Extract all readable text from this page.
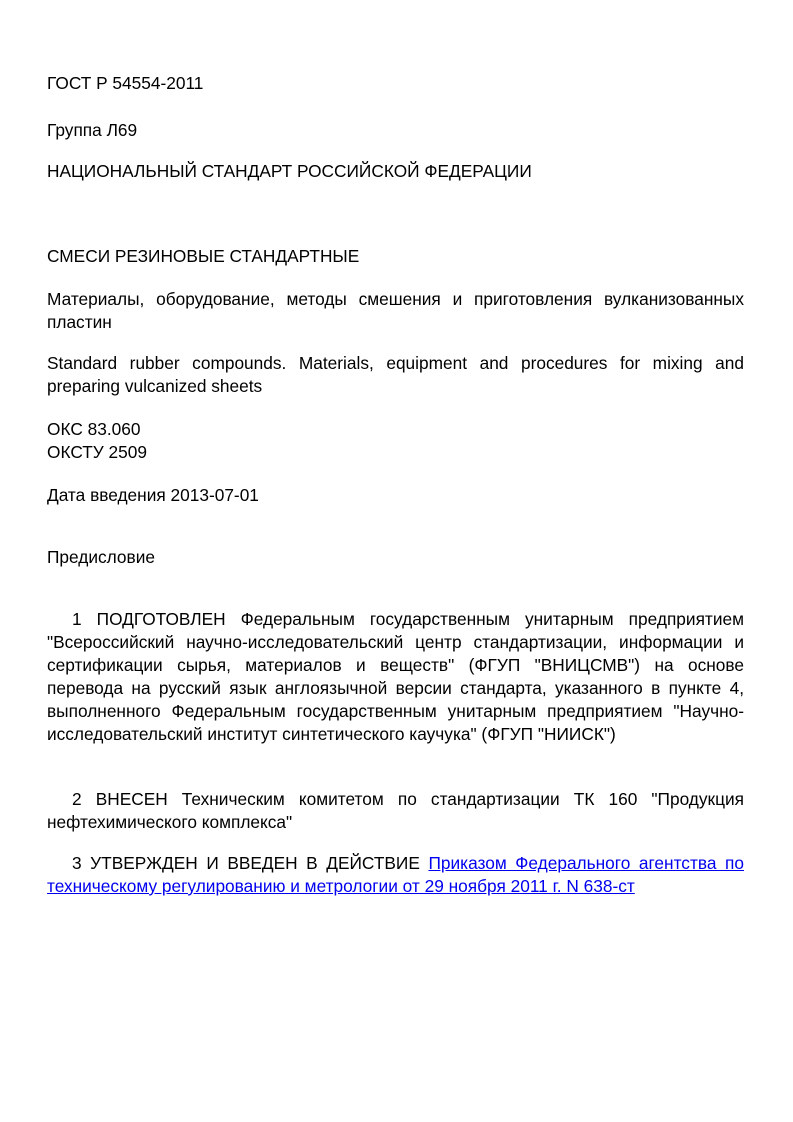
ГОСТ Р 54554-2011

Группа Л69

НАЦИОНАЛЬНЫЙ СТАНДАРТ РОССИЙСКОЙ ФЕДЕРАЦИИ

СМЕСИ РЕЗИНОВЫЕ СТАНДАРТНЫЕ

Материалы, оборудование, методы смешения и приготовления вулканизованных пластин

Standard rubber compounds. Materials, equipment and procedures for mixing and preparing vulcanized sheets

ОКС 83.060
ОКСТУ 2509

Дата введения 2013-07-01

Предисловие

1 ПОДГОТОВЛЕН Федеральным государственным унитарным предприятием "Всероссийский научно-исследовательский центр стандартизации, информации и сертификации сырья, материалов и веществ" (ФГУП "ВНИЦСМВ") на основе перевода на русский язык англоязычной версии стандарта, указанного в пункте 4, выполненного Федеральным государственным унитарным предприятием "Научно-исследовательский институт синтетического каучука" (ФГУП "НИИСК")

2 ВНЕСЕН Техническим комитетом по стандартизации ТК 160 "Продукция нефтехимического комплекса"

3 УТВЕРЖДЕН И ВВЕДЕН В ДЕЙСТВИЕ Приказом Федерального агентства по техническому регулированию и метрологии от 29 ноября 2011 г. N 638-ст
